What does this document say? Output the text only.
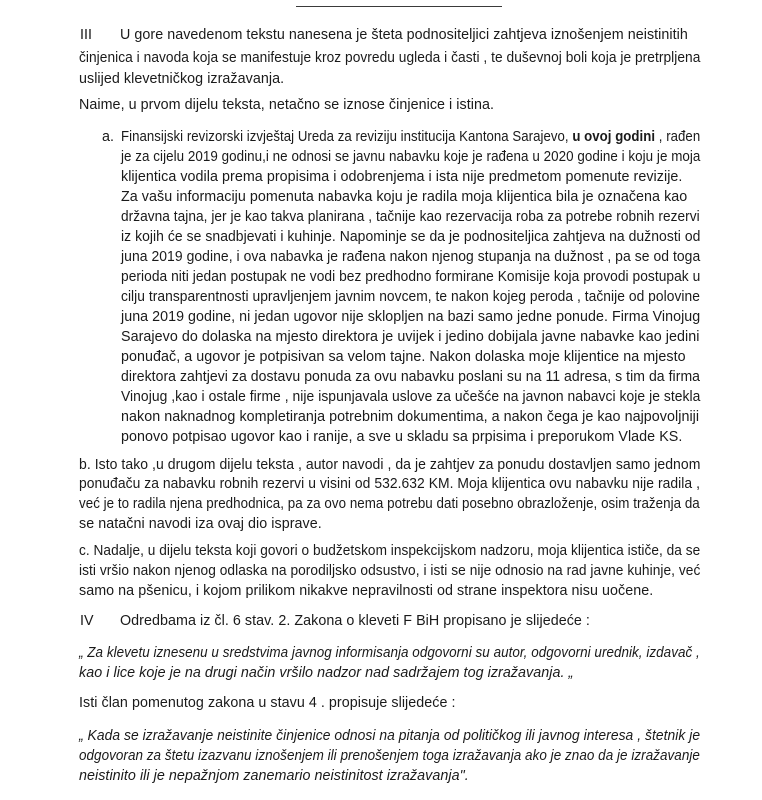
III U gore navedenom tekstu nanesena je šteta podnositeljici zahtjeva iznošenjem neistinitih
činjenica i navoda koja se manifestuje kroz povredu ugleda i časti , te duševnoj boli koja je pretrpljena
uslijed klevetničkog izražavanja.
Naime, u prvom dijelu teksta, netačno se iznose činjenice i istina.
a. Finansijski revizorski izvještaj Ureda za reviziju institucija Kantona Sarajevo, u ovoj godini , rađen
je za cijelu 2019 godinu,i ne odnosi se javnu nabavku koje je rađena u 2020 godine i koju je moja
klijentica vodila prema propisima i odobrenjema i ista nije predmetom pomenute revizije.
Za vašu informaciju pomenuta nabavka koju je radila moja klijentica bila je označena kao
državna tajna, jer je kao takva planirana , tačnije kao rezervacija roba za potrebe robnih rezervi
iz kojih će se snadbjevati i kuhinje. Napominje se da je podnositeljica zahtjeva na dužnosti od
juna 2019 godine, i ova nabavka je rađena nakon njenog stupanja na dužnost , pa se od toga
perioda niti jedan postupak ne vodi bez predhodno formirane Komisije koja provodi postupak u
cilju transparentnosti upravljenjem javnim novcem, te nakon kojeg peroda , tačnije od polovine
juna 2019 godine, ni jedan ugovor nije skloplјen na bazi samo jedne ponude. Firma Vinojug
Sarajevo do dolaska na mjesto direktora je uvijek i jedino dobijala javne nabavke kao jedini
ponuđač, a ugovor je potpisivan sa velom tajne. Nakon dolaska moje klijentice na mjesto
direktora zahtjevi za dostavu ponuda za ovu nabavku poslani su na 11 adresa, s tim da firma
Vinojug ,kao i ostale firme , nije ispunjavala uslove za učešće na javnon nabavci koje je stekla
nakon naknadnog kompletiranja potrebnim dokumentima, a nakon čega je kao najpovoljniji
ponovo potpisao ugovor kao i ranije, a sve u skladu sa prpisima i preporukom Vlade KS.
b. Isto tako ,u drugom dijelu teksta , autor navodi , da je zahtjev za ponudu dostavljen samo jednom
ponuđaču za nabavku robnih rezervi u visini od 532.632 KM. Moja klijentica ovu nabavku nije radila ,
već je to radila njena predhodnica, pa za ovo nema potrebu dati posebno obrazloženje, osim traženja da
se natačni navodi iza ovaj dio isprave.
c. Nadalje, u dijelu teksta koji govori o budžetskom inspekcijskom nadzoru, moja klijentica ističe, da se
isti vršio nakon njenog odlaska na porodiljsko odsustvo, i isti se nije odnosio na rad javne kuhinje, već
samo na pšenicu, i kojom prilikom nikakve nepravilnosti od strane inspektora nisu uočene.
IV Odredbama iz čl. 6 stav. 2. Zakona o kleveti F BiH propisano je slijedeće :
„ Za klevetu iznesenu u sredstvima javnog informisanja odgovorni su autor, odgovorni urednik, izdavač ,
kao i lice koje je na drugi način vršilo nadzor nad sadržajem tog izražavanja. „
Isti član pomenutog zakona u stavu 4 . propisuje slijedeće :
„ Kada se izražavanje neistinite činjenice odnosi na pitanja od političkog ili javnog interesa , štetnik je
odgovoran za štetu izazvanu iznošenjem ili prenošenjem toga izražavanja ako je znao da je izražavanje
neistinito ili je nepažnjom zanemario neistinitost izražavanja".
